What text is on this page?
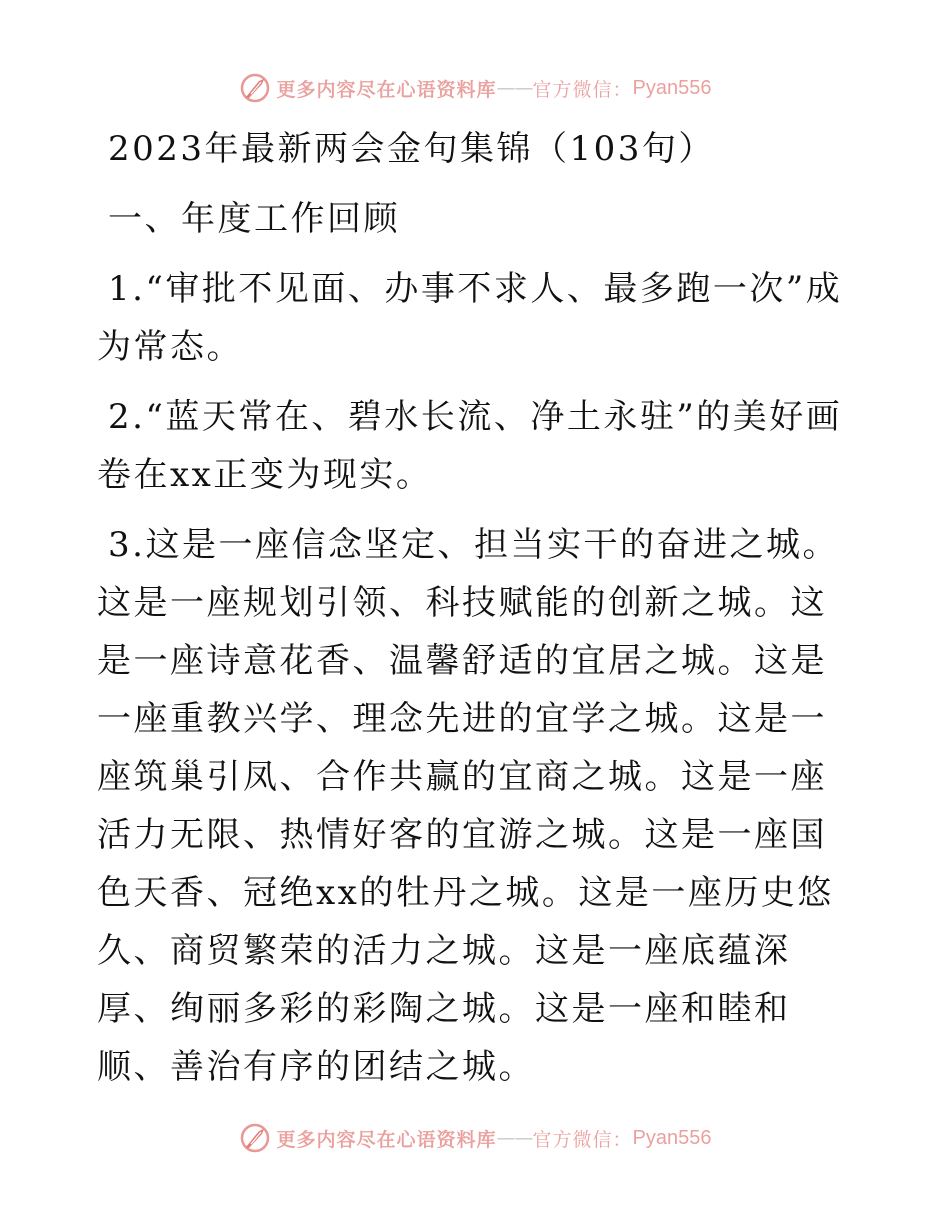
更多内容尽在心语资料库 —— 官方微信： Pyan556

2023年最新两会金句集锦（103句）

一、年度工作回顾

1.“审批不见面、办事不求人、最多跑一次”成为常态。

2.“蓝天常在、碧水长流、净土永驻”的美好画卷在xx正变为现实。

3.这是一座信念坚定、担当实干的奋进之城。这是一座规划引领、科技赋能的创新之城。这是一座诗意花香、温馨舒适的宜居之城。这是一座重教兴学、理念先进的宜学之城。这是一座筑巢引凤、合作共赢的宜商之城。这是一座活力无限、热情好客的宜游之城。这是一座国色天香、冠绝xx的牡丹之城。这是一座历史悠久、商贸繁荣的活力之城。这是一座底蕴深厚、绚丽多彩的彩陶之城。这是一座和睦和顺、善治有序的团结之城。

更多内容尽在心语资料库 —— 官方微信： Pyan556
